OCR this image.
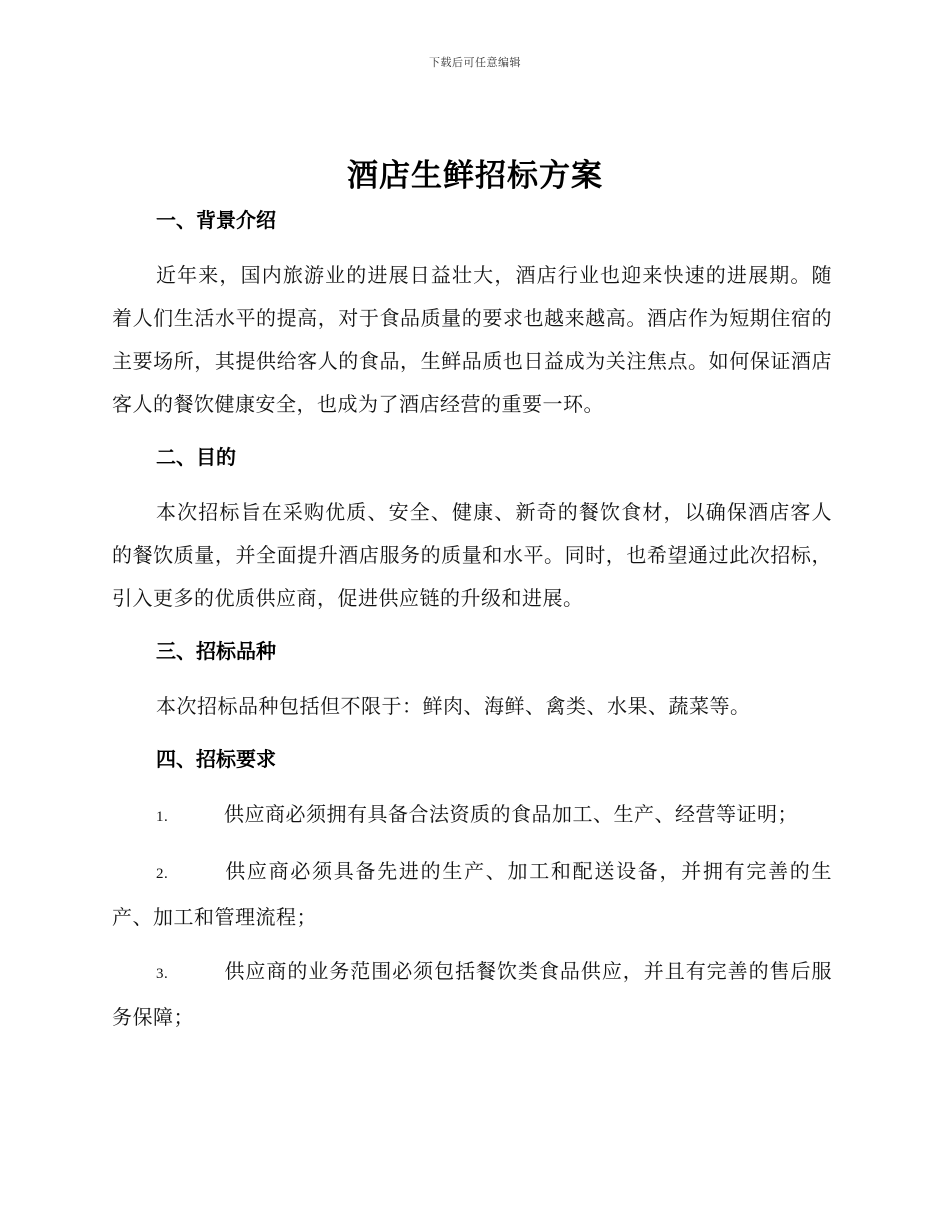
下载后可任意编辑
酒店生鲜招标方案
一、背景介绍

近年来，国内旅游业的进展日益壮大，酒店行业也迎来快速的进展期。随着人们生活水平的提高，对于食品质量的要求也越来越高。酒店作为短期住宿的主要场所，其提供给客人的食品，生鲜品质也日益成为关注焦点。如何保证酒店客人的餐饮健康安全，也成为了酒店经营的重要一环。

二、目的

本次招标旨在采购优质、安全、健康、新奇的餐饮食材，以确保酒店客人的餐饮质量，并全面提升酒店服务的质量和水平。同时，也希望通过此次招标，引入更多的优质供应商，促进供应链的升级和进展。

三、招标品种

本次招标品种包括但不限于：鲜肉、海鲜、禽类、水果、蔬菜等。

四、招标要求

1.	供应商必须拥有具备合法资质的食品加工、生产、经营等证明；

2.	供应商必须具备先进的生产、加工和配送设备，并拥有完善的生产、加工和管理流程；

3.	供应商的业务范围必须包括餐饮类食品供应，并且有完善的售后服务保障；
